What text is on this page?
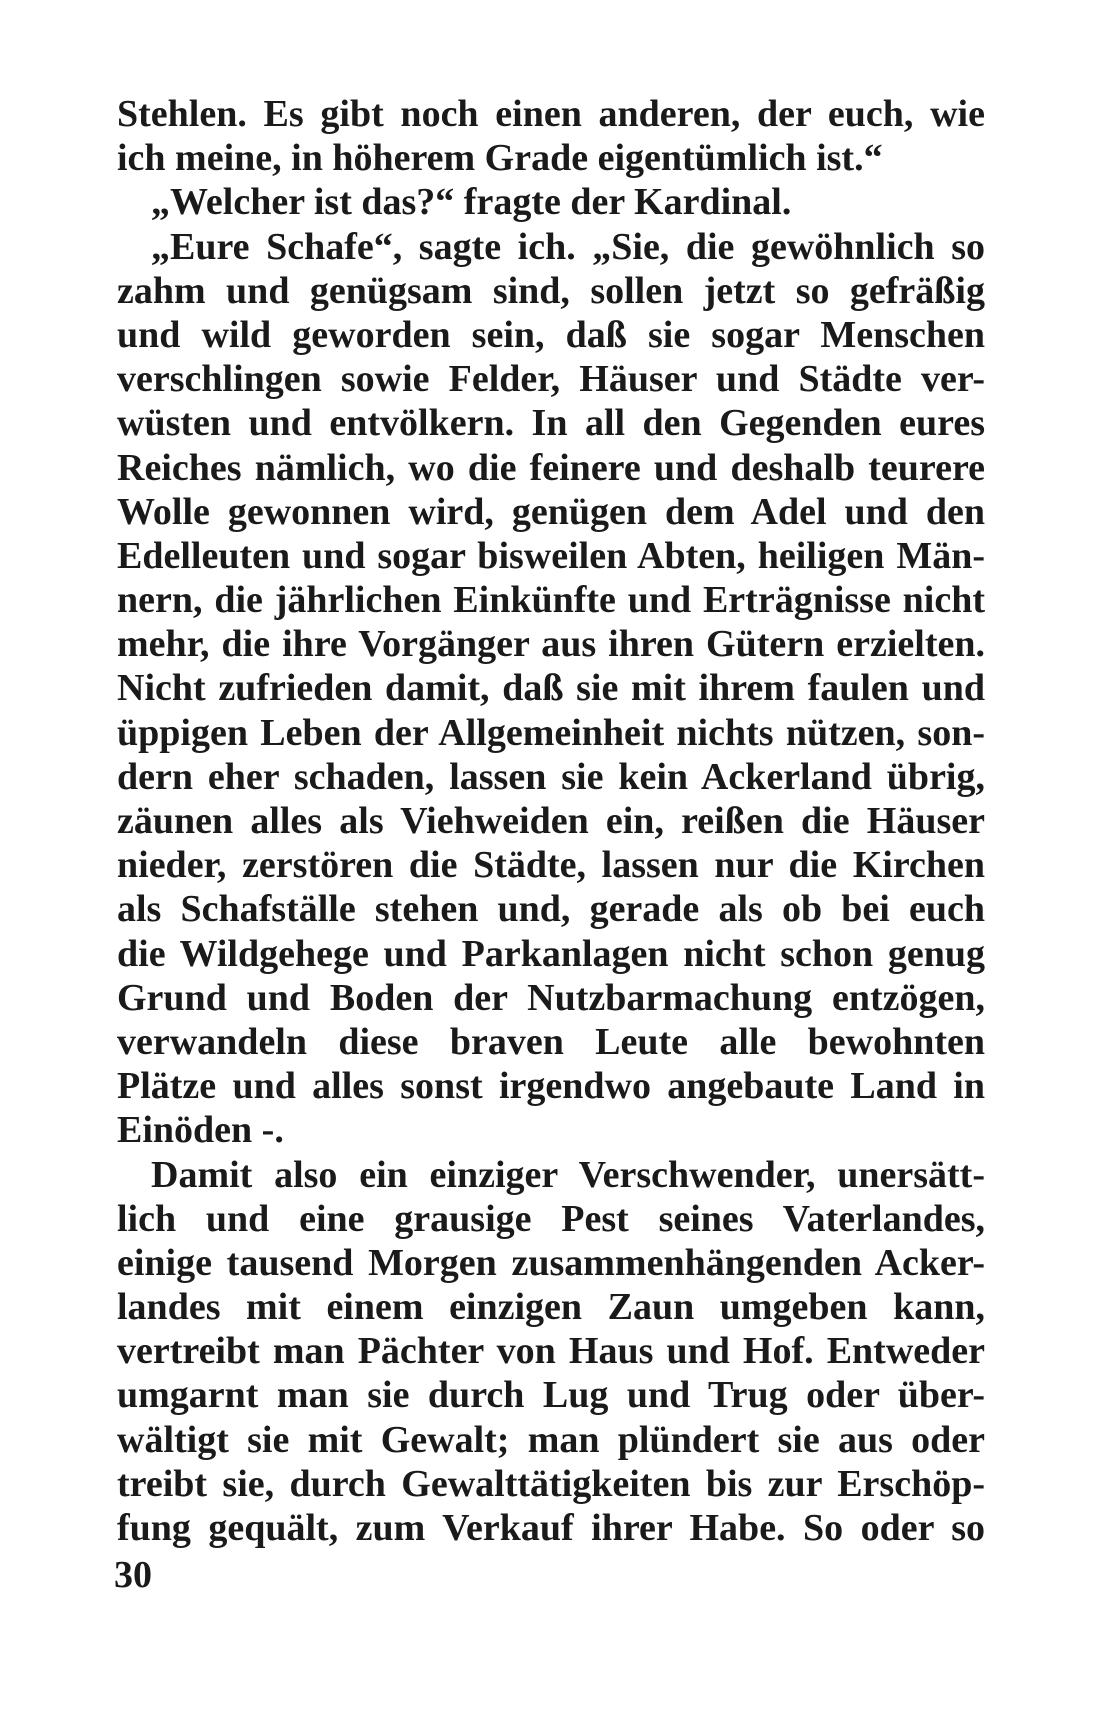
Stehlen. Es gibt noch einen anderen, der euch, wie
ich meine, in höherem Grade eigentümlich ist.“
„Welcher ist das?“ fragte der Kardinal.
„Eure Schafe“, sagte ich. „Sie, die gewöhnlich so
zahm und genügsam sind, sollen jetzt so gefräßig
und wild geworden sein, daß sie sogar Menschen
verschlingen sowie Felder, Häuser und Städte ver-
wüsten und entvölkern. In all den Gegenden eures
Reiches nämlich, wo die feinere und deshalb teurere
Wolle gewonnen wird, genügen dem Adel und den
Edelleuten und sogar bisweilen Abten, heiligen Män-
nern, die jährlichen Einkünfte und Erträgnisse nicht
mehr, die ihre Vorgänger aus ihren Gütern erzielten.
Nicht zufrieden damit, daß sie mit ihrem faulen und
üppigen Leben der Allgemeinheit nichts nützen, son-
dern eher schaden, lassen sie kein Ackerland übrig,
zäunen alles als Viehweiden ein, reißen die Häuser
nieder, zerstören die Städte, lassen nur die Kirchen
als Schafställe stehen und, gerade als ob bei euch
die Wildgehege und Parkanlagen nicht schon genug
Grund und Boden der Nutzbarmachung entzögen,
verwandeln diese braven Leute alle bewohnten
Plätze und alles sonst irgendwo angebaute Land in
Einöden -.
Damit also ein einziger Verschwender, unersätt-
lich und eine grausige Pest seines Vaterlandes,
einige tausend Morgen zusammenhängenden Acker-
landes mit einem einzigen Zaun umgeben kann,
vertreibt man Pächter von Haus und Hof. Entweder
umgarnt man sie durch Lug und Trug oder über-
wältigt sie mit Gewalt; man plündert sie aus oder
treibt sie, durch Gewalttätigkeiten bis zur Erschöp-
fung gequält, zum Verkauf ihrer Habe. So oder so
30
